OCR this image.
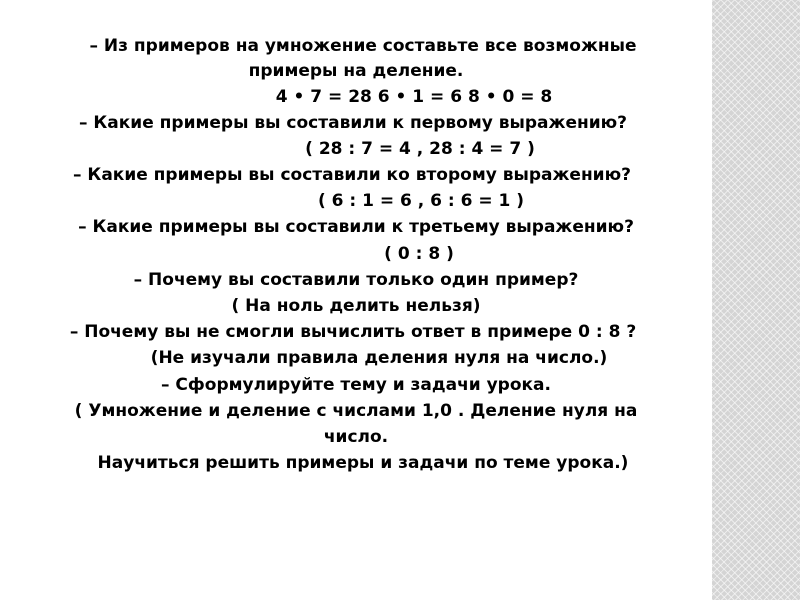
– Из примеров на умножение составьте все возможные
примеры на деление.
4 • 7 = 28 6 • 1 = 6 8 • 0 = 8
– Какие примеры вы составили к первому выражению?
( 28 : 7 = 4 , 28 : 4 = 7 )
– Какие примеры вы составили ко второму выражению?
( 6 : 1 = 6 , 6 : 6 = 1 )
– Какие примеры вы составили к третьему выражению?
( 0 : 8 )
– Почему вы составили только один пример?
( На ноль делить нельзя)
– Почему вы не смогли вычислить ответ в примере 0 : 8 ?
(Не изучали правила деления нуля на число.)
– Сформулируйте тему и задачи урока.
( Умножение и деление с числами 1,0 . Деление нуля на
число.
Научиться решить примеры и задачи по теме урока.)
